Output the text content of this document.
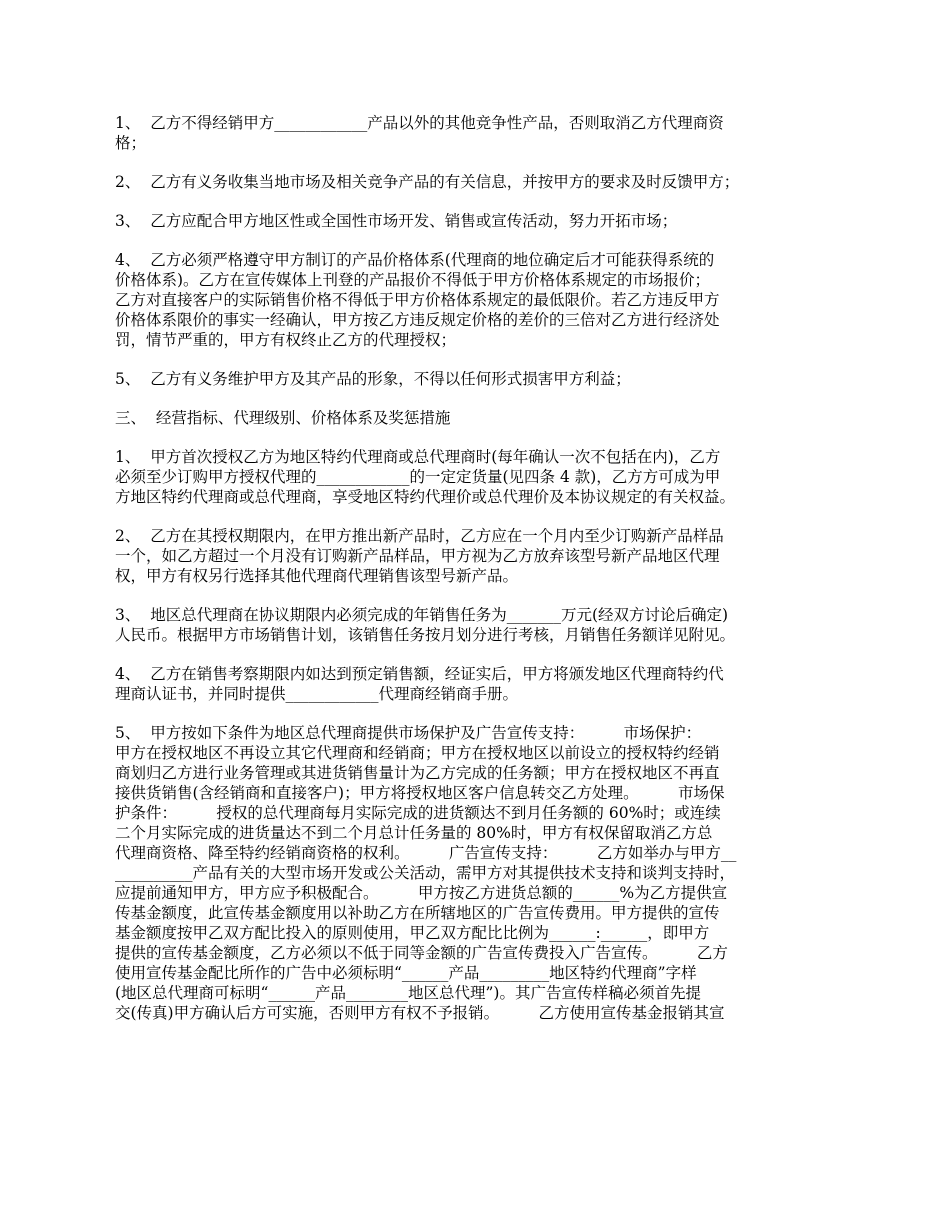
1、  乙方不得经销甲方____________产品以外的其他竞争性产品，否则取消乙方代理商资
格；
2、  乙方有义务收集当地市场及相关竞争产品的有关信息，并按甲方的要求及时反馈甲方；
3、  乙方应配合甲方地区性或全国性市场开发、销售或宣传活动，努力开拓市场；
4、  乙方必须严格遵守甲方制订的产品价格体系(代理商的地位确定后才可能获得系统的
价格体系)。乙方在宣传媒体上刊登的产品报价不得低于甲方价格体系规定的市场报价；
乙方对直接客户的实际销售价格不得低于甲方价格体系规定的最低限价。若乙方违反甲方
价格体系限价的事实一经确认，甲方按乙方违反规定价格的差价的三倍对乙方进行经济处
罚，情节严重的，甲方有权终止乙方的代理授权；
5、  乙方有义务维护甲方及其产品的形象，不得以任何形式损害甲方利益；
三、  经营指标、代理级别、价格体系及奖惩措施
1、  甲方首次授权乙方为地区特约代理商或总代理商时(每年确认一次不包括在内)，乙方
必须至少订购甲方授权代理的____________的一定定货量(见四条 4 款)，乙方方可成为甲
方地区特约代理商或总代理商，享受地区特约代理价或总代理价及本协议规定的有关权益。
2、  乙方在其授权期限内，在甲方推出新产品时，乙方应在一个月内至少订购新产品样品
一个，如乙方超过一个月没有订购新产品样品，甲方视为乙方放弃该型号新产品地区代理
权，甲方有权另行选择其他代理商代理销售该型号新产品。
3、  地区总代理商在协议期限内必须完成的年销售任务为_______万元(经双方讨论后确定)
人民币。根据甲方市场销售计划，该销售任务按月划分进行考核，月销售任务额详见附见。
4、  乙方在销售考察期限内如达到预定销售额，经证实后，甲方将颁发地区代理商特约代
理商认证书，并同时提供____________代理商经销商手册。
5、  甲方按如下条件为地区总代理商提供市场保护及广告宣传支持：        市场保护：
甲方在授权地区不再设立其它代理商和经销商；甲方在授权地区以前设立的授权特约经销
商划归乙方进行业务管理或其进货销售量计为乙方完成的任务额；甲方在授权地区不再直
接供货销售(含经销商和直接客户)；甲方将授权地区客户信息转交乙方处理。        市场保
护条件：        授权的总代理商每月实际完成的进货额达不到月任务额的 60%时；或连续
二个月实际完成的进货量达不到二个月总计任务量的 80%时，甲方有权保留取消乙方总
代理商资格、降至特约经销商资格的权利。        广告宣传支持：        乙方如举办与甲方__
__________产品有关的大型市场开发或公关活动，需甲方对其提供技术支持和谈判支持时，
应提前通知甲方，甲方应予积极配合。        甲方按乙方进货总额的______%为乙方提供宣
传基金额度，此宣传基金额度用以补助乙方在所辖地区的广告宣传费用。甲方提供的宣传
基金额度按甲乙双方配比投入的原则使用，甲乙双方配比比例为______:______，即甲方
提供的宣传基金额度，乙方必须以不低于同等金额的广告宣传费投入广告宣传。        乙方
使用宣传基金配比所作的广告中必须标明“______产品_________地区特约代理商”字样
(地区总代理商可标明“______产品________地区总代理”)。其广告宣传样稿必须首先提
交(传真)甲方确认后方可实施，否则甲方有权不予报销。        乙方使用宣传基金报销其宣
